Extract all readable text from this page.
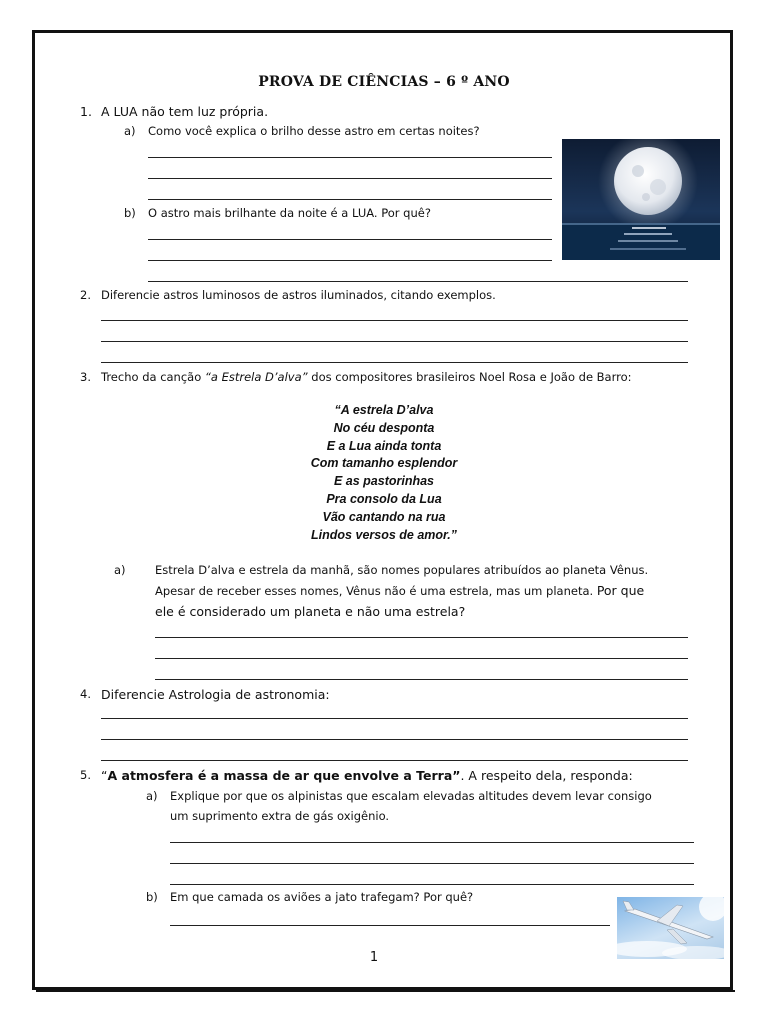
PROVA DE CIÊNCIAS – 6 º ANO
1. A LUA não tem luz própria.
a) Como você explica o brilho desse astro em certas noites?
b) O astro mais brilhante da noite é a LUA. Por quê?
2. Diferencie astros luminosos de astros iluminados, citando exemplos.
3. Trecho da canção “a Estrela D’alva” dos compositores brasileiros Noel Rosa e João de Barro:
“A estrela D’alva
No céu desponta
E a Lua ainda tonta
Com tamanho esplendor
E as pastorinhas
Pra consolo da Lua
Vão cantando na rua
Lindos versos de amor.”
a)	Estrela D’alva e estrela da manhã, são nomes populares atribuídos ao planeta Vênus.
Apesar de receber esses nomes, Vênus não é uma estrela, mas um planeta. Por que
ele é considerado um planeta e não uma estrela?
4. Diferencie Astrologia de astronomia:
5. “A atmosfera é a massa de ar que envolve a Terra”. A respeito dela, responda:
a) Explique por que os alpinistas que escalam elevadas altitudes devem levar consigo
um suprimento extra de gás oxigênio.
b) Em que camada os aviões a jato trafegam? Por quê?
1
